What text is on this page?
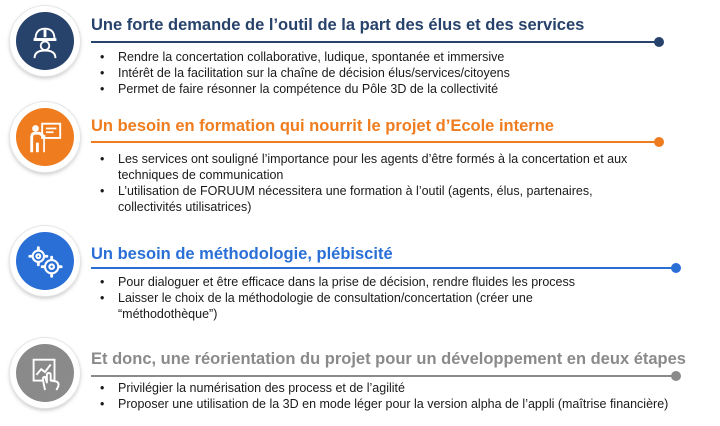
Une forte demande de l’outil de la part des élus et des services
• Rendre la concertation collaborative, ludique, spontanée et immersive
• Intérêt de la facilitation sur la chaîne de décision élus/services/citoyens
• Permet de faire résonner la compétence du Pôle 3D de la collectivité
Un besoin en formation qui nourrit le projet d’Ecole interne
• Les services ont souligné l’importance pour les agents d’être formés à la concertation et aux techniques de communication
• L’utilisation de FORUUM nécessitera une formation à l’outil (agents, élus, partenaires, collectivités utilisatrices)
Un besoin de méthodologie, plébiscité
• Pour dialoguer et être efficace dans la prise de décision, rendre fluides les process
• Laisser le choix de la méthodologie de consultation/concertation (créer une “méthodothèque”)
Et donc, une réorientation du projet pour un développement en deux étapes
• Privilégier la numérisation des process et de l’agilité
• Proposer une utilisation de la 3D en mode léger pour la version alpha de l’appli (maîtrise financière)
